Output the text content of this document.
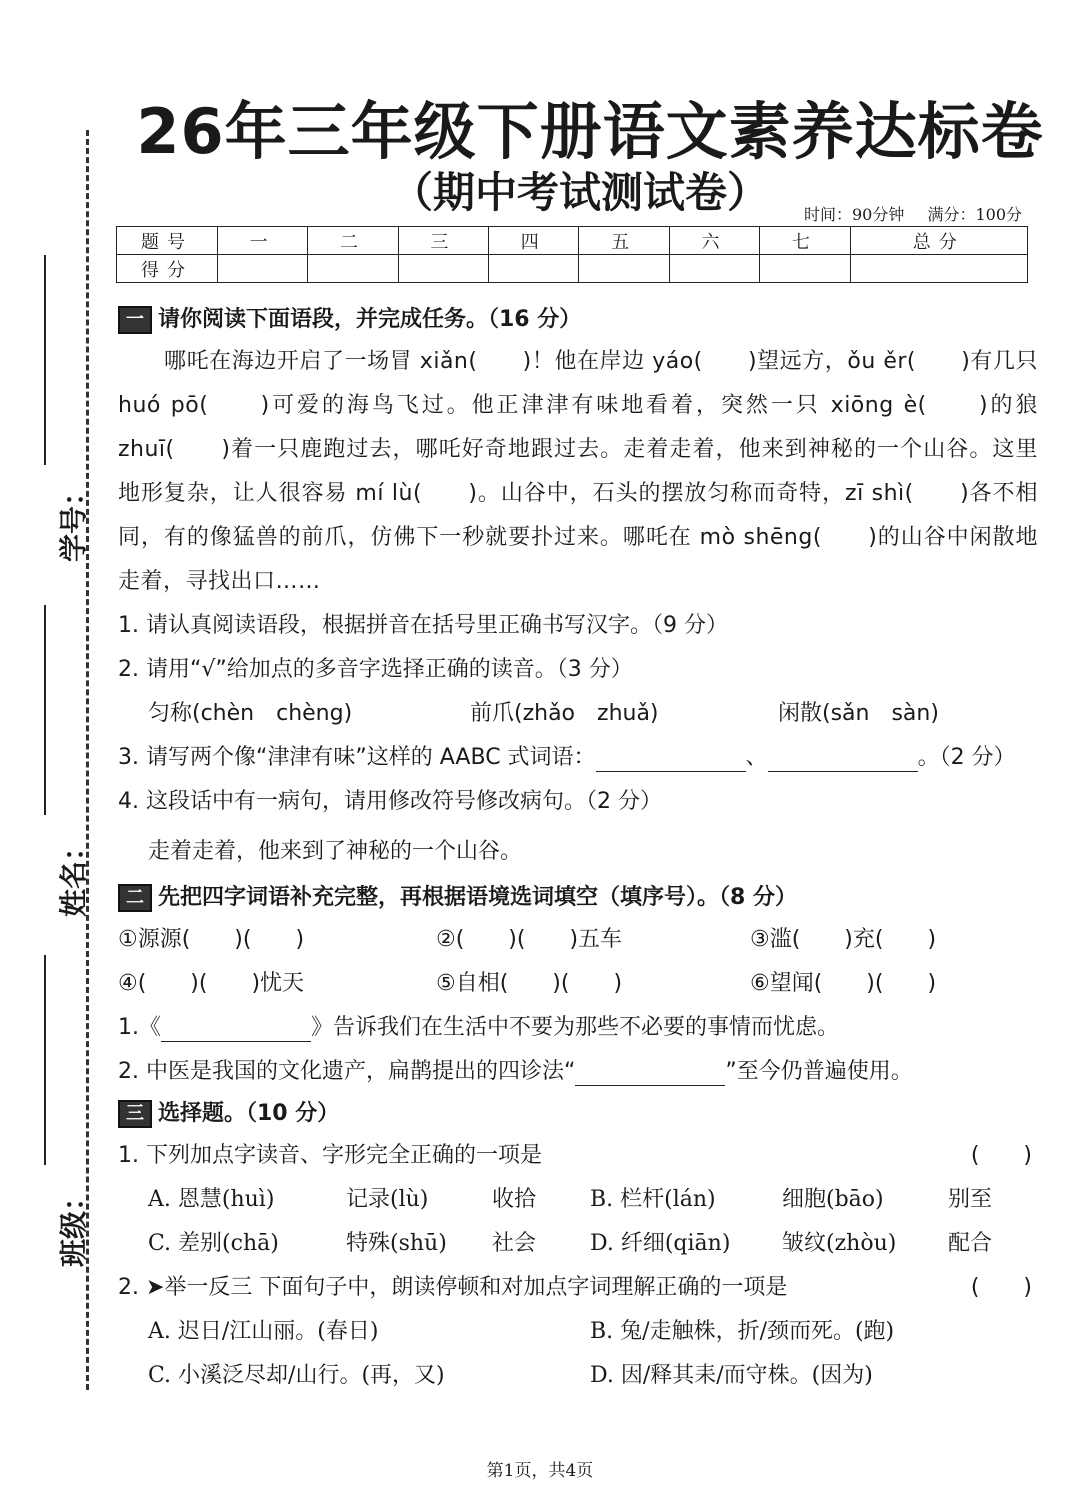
学号：
姓名：
班级：
26年三年级下册语文素养达标卷
（期中考试测试卷）	时间：90分钟 满分：100分
题号	一	二	三	四	五	六	七	总分
得分								
一 请你阅读下面语段，并完成任务。（16 分）
哪吒在海边开启了一场冒 xiǎn(　　)！他在岸边 yáo(　　)望远方，ǒu ěr(　　)有几只 huó pō(　　)可爱的海鸟飞过。他正津津有味地看着，突然一只 xiōng è(　　)的狼 zhuī(　　)着一只鹿跑过去，哪吒好奇地跟过去。走着走着，他来到神秘的一个山谷。这里地形复杂，让人很容易 mí lù(　　)。山谷中，石头的摆放匀称而奇特，zī shì(　　)各不相同，有的像猛兽的前爪，仿佛下一秒就要扑过来。哪吒在 mò shēng(　　)的山谷中闲散地走着，寻找出口……
1. 请认真阅读语段，根据拼音在括号里正确书写汉字。（9 分）
2. 请用“√”给加点的多音字选择正确的读音。（3 分）
匀称(chèn　chèng)	前爪(zhǎo　zhuǎ)	闲散(sǎn　sàn)
3. 请写两个像“津津有味”这样的 AABC 式词语：	、	。（2 分）
4. 这段话中有一病句，请用修改符号修改病句。（2 分）
走着走着，他来到了神秘的一个山谷。
二 先把四字词语补充完整，再根据语境选词填空（填序号）。（8 分）
①源源(　　)(　　)	②(　　)(　　)五车	③滥(　　)充(　　)
④(　　)(　　)忧天	⑤自相(　　)(　　)	⑥望闻(　　)(　　)
1.《	》告诉我们在生活中不要为那些不必要的事情而忧虑。
2. 中医是我国的文化遗产，扁鹊提出的四诊法“	”至今仍普遍使用。
三 选择题。（10 分）
1. 下列加点字读音、字形完全正确的一项是	(　　)
A. 恩慧(huì)	记录(lù)	收拾 B. 栏杆(lán)	细胞(bāo)	别至
C. 差别(chā)	特殊(shū) 社会 D. 纤细(qiān) 皱纹(zhòu) 配合
2. ➤举一反三 下面句子中，朗读停顿和对加点字词理解正确的一项是	(　　)
A. 迟日/江山丽。(春日)	B. 兔/走触株，折/颈而死。(跑)
C. 小溪泛尽却/山行。(再，又)	D. 因/释其耒/而守株。(因为)
第1页，共4页
